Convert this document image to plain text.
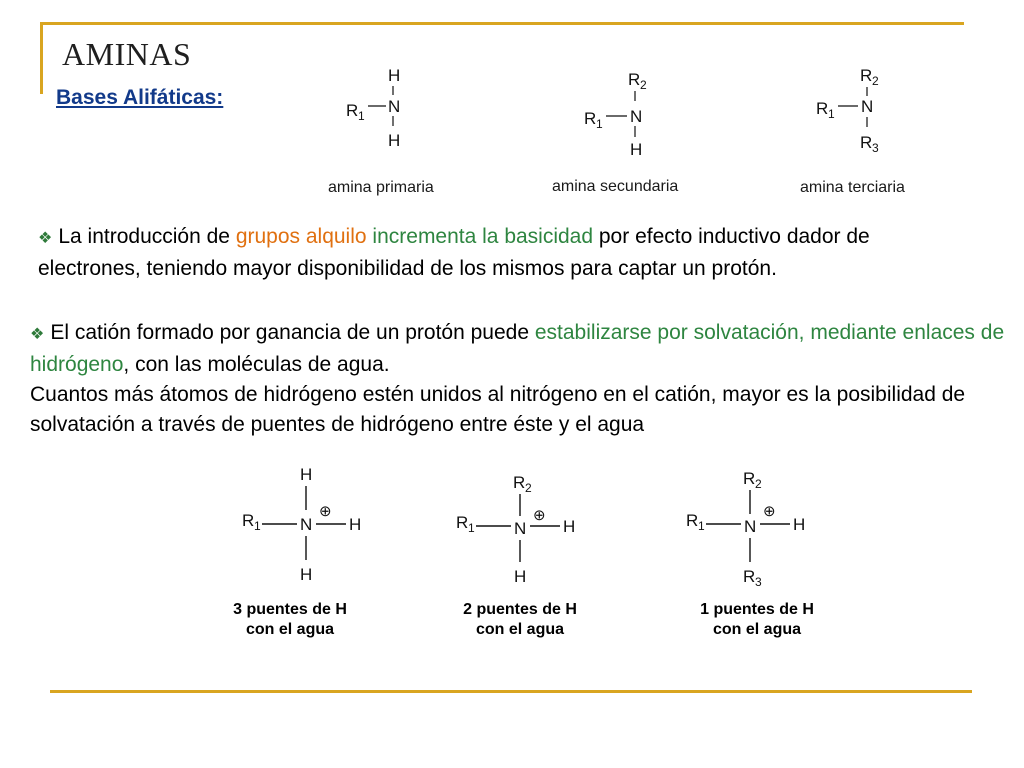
AMINAS
Bases Alifáticas:
H
N
R 1
H
R 2
N
R 1
H
R 2
N
R 1
R 3
amina primaria	amina secundaria	amina terciaria
❖ La introducción de grupos alquilo incrementa la basicidad por efecto inductivo dador de electrones, teniendo mayor disponibilidad de los mismos para captar un protón.
❖ El catión formado por ganancia de un protón puede estabilizarse por solvatación, mediante enlaces de hidrógeno, con las moléculas de agua.
Cuantos más átomos de hidrógeno estén unidos al nitrógeno en el catión, mayor es la posibilidad de solvatación a través de puentes de hidrógeno entre éste y el agua
H
N
R 1
⊕
H
H
R 2
N
R 1
⊕
H
H
R 2
N
R 1
⊕
H
R 3
3 puentes de H
con el agua
2 puentes de H
con el agua
1 puentes de H
con el agua
